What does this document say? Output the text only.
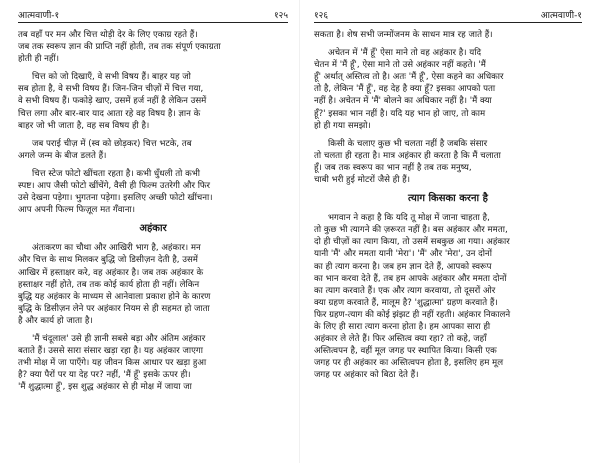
आत्मवाणी-१	१२५
तब वहाँ पर मन और चित्त थोड़ी देर के लिए एकाग्र रहते हैं।
जब तक स्वरूप ज्ञान की प्राप्ति नहीं होती, तब तक संपूर्ण एकाग्रता
होती ही नहीं।
चित्त को जो दिखाएँ, वे सभी विषय हैं। बाहर यह जो
सब होता है, वे सभी विषय हैं। जिन-जिन चीज़ों में चित्त गया,
वे सभी विषय हैं। फकोड़े खाए, उसमें हर्ज नहीं है लेकिन उसमें
चित्त लगा और बार-बार याद आता रहे वह विषय है। ज्ञान के
बाहर जो भी जाता है, वह सब विषय ही है।
जब पराई चीज़ में (स्व को छोड़कर) चित्त भटके, तब
अगले जन्म के बीज डलते हैं।
चित्त स्टेज फोटो खींचता रहता है। कभी धुँधली तो कभी
स्पष्ट। आप जैसी फोटो खींचेंगे, वैसी ही फिल्म उतरेगी और फिर
उसे देखना पड़ेगा। भुगतना पड़ेगा। इसलिए अच्छी फोटो खींचना।
आप अपनी फिल्म फिज़ूल मत गँवाना।
अहंकार
अंतःकरण का चौथा और आखिरी भाग है, अहंकार। मन
और चित्त के साथ मिलकर बुद्धि जो डिसीज़न देती है, उसमें
आखिर में हस्ताक्षर करे, वह अहंकार है। जब तक अहंकार के
हस्ताक्षर नहीं होते, तब तक कोई कार्य होता ही नहीं। लेकिन
बुद्धि यह अहंकार के माध्यम से आनेवाला प्रकाश होने के कारण
बुद्धि के डिसीज़न लेने पर अहंकार नियम से ही सहमत हो जाता
है और कार्य हो जाता है।
'मैं चंदूलाल' उसे ही ज्ञानी सबसे बड़ा और अंतिम अहंकार
बताते हैं। उससे सारा संसार खड़ा रहा है। यह अहंकार जाएगा
तभी मोक्ष में जा पाएँगे। यह जीवन किस आधार पर खड़ा हुआ
है? क्या पैरों पर या देह पर? नहीं, 'मैं हूँ' इसके ऊपर ही।
'मैं शुद्धात्मा हूँ', इस शुद्ध अहंकार से ही मोक्ष में जाया जा
१२६	आत्मवाणी-१
सकता है। शेष सभी जन्मोंजनम के साधन मात्र रह जाते हैं।
अचेतन में 'मैं हूँ' ऐसा माने तो वह अहंकार है। यदि
चेतन में 'मैं हूँ', ऐसा माने तो उसे अहंकार नहीं कहते। 'मैं
हूँ' अर्थात् अस्तित्व तो है। अतः 'मैं हूँ', ऐसा कहने का अधिकार
तो है, लेकिन 'मैं हूँ', वह देह है क्या हूँ? इसका आपको पता
नहीं है। अचेतन में 'मैं' बोलने का अधिकार नहीं है। 'मैं क्या
हूँ?' इसका भान नहीं है। यदि यह भान हो जाए, तो काम
हो ही गया समझो।
किसी के चलाए कुछ भी चलता नहीं है जबकि संसार
तो चलता ही रहता है। मात्र अहंकार ही करता है कि मैं चलाता
हूँ। जब तक स्वरूप का भान नहीं है तब तक मनुष्य,
चाबी भरी हुई मोटरों जैसे ही हैं।
त्याग किसका करना है
भगवान ने कहा है कि यदि तू मोक्ष में जाना चाहता है,
तो कुछ भी त्यागने की ज़रूरत नहीं है। बस अहंकार और ममता,
दो ही चीज़ों का त्याग किया, तो उसमें सबकुछ आ गया। अहंकार
यानी 'मैं' और ममता यानी 'मेरा'। 'मैं' और 'मेरा', उन दोनों
का ही त्याग करना है। जब हम ज्ञान देते हैं, आपको स्वरूप
का भान करवा देते हैं, तब हम आपके अहंकार और ममता दोनों
का त्याग करवाते हैं। एक और त्याग करवाया, तो दूसरों ओर
क्या ग्रहण करवाते हैं, मालूम है? 'शुद्धात्मा' ग्रहण करवाते हैं।
फिर ग्रहण-त्याग की कोई झंझट ही नहीं रहती। अहंकार निकालने
के लिए ही सारा त्याग करना होता है। हम आपका सारा ही
अहंकार ले लेते हैं। फिर अस्तित्व क्या रहा? तो कहे, जहाँ
अस्तित्वपन है, वहीं मूल जगह पर स्थापित किया। किसी एक
जगह पर ही अहंकार का अस्तित्वपन होता है, इसलिए हम मूल
जगह पर अहंकार को बिठा देते हैं।
